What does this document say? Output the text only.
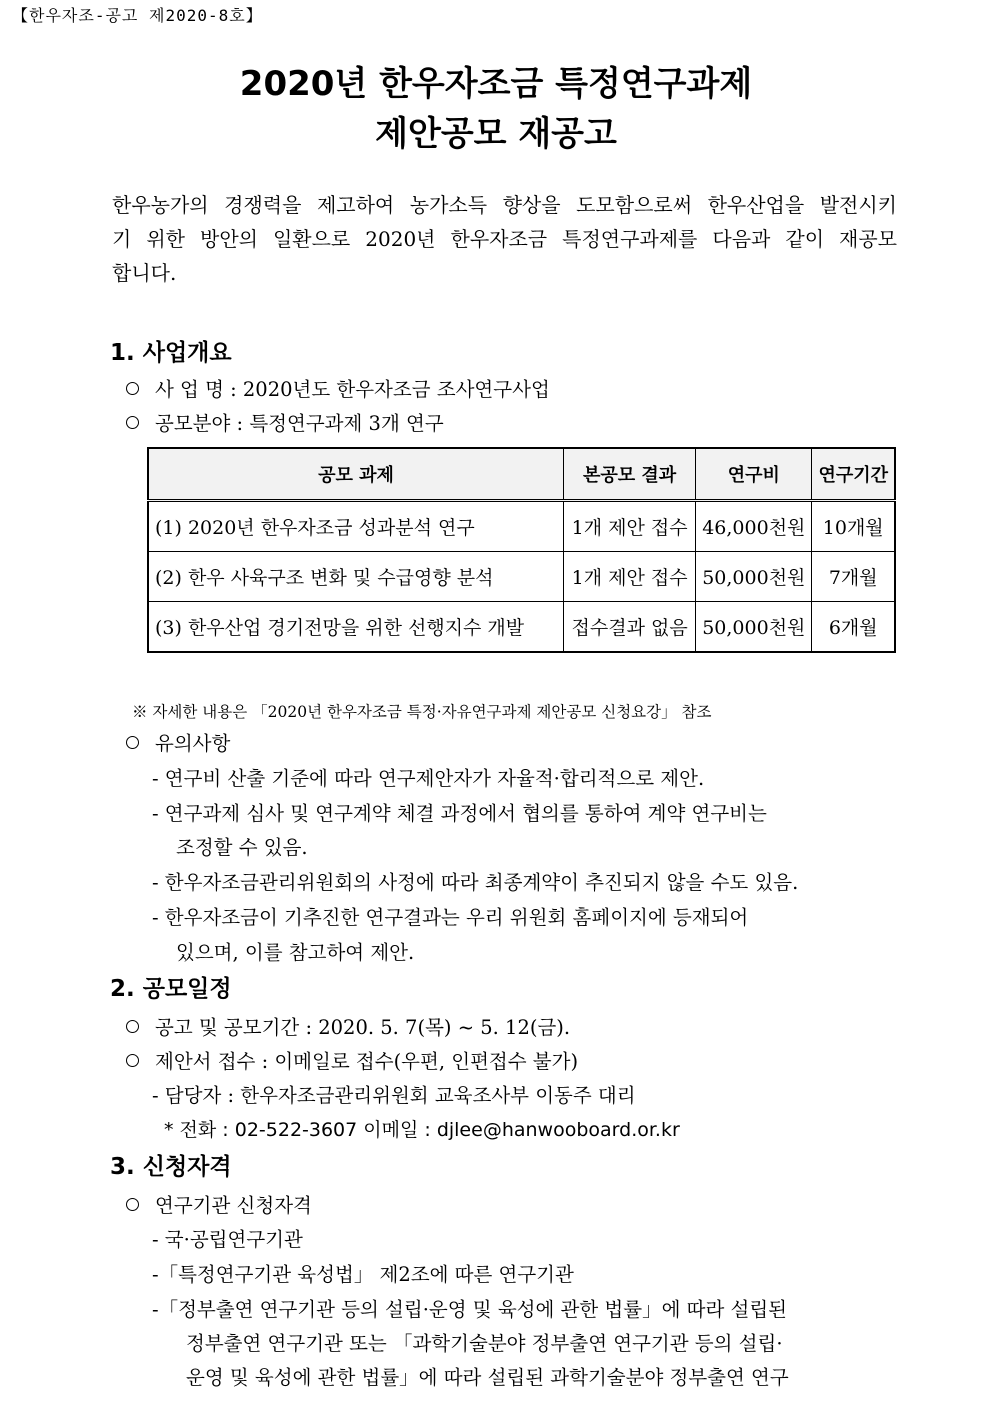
【한우자조-공고 제2020-8호】
2020년 한우자조금 특정연구과제
제안공모 재공고
한우농가의 경쟁력을 제고하여 농가소득 향상을 도모함으로써 한우산업을 발전시키기 위한 방안의 일환으로 2020년 한우자조금 특정연구과제를 다음과 같이 재공모합니다.
1. 사업개요
사 업 명 : 2020년도 한우자조금 조사연구사업
공모분야 : 특정연구과제 3개 연구
공모 과제	본공모 결과	연구비	연구기간
(1) 2020년 한우자조금 성과분석 연구	1개 제안 접수	46,000천원	10개월
(2) 한우 사육구조 변화 및 수급영향 분석	1개 제안 접수	50,000천원	7개월
(3) 한우산업 경기전망을 위한 선행지수 개발	접수결과 없음	50,000천원	6개월
※ 자세한 내용은 「2020년 한우자조금 특정·자유연구과제 제안공모 신청요강」 참조
유의사항
- 연구비 산출 기준에 따라 연구제안자가 자율적·합리적으로 제안.
- 연구과제 심사 및 연구계약 체결 과정에서 협의를 통하여 계약 연구비는
조정할 수 있음.
- 한우자조금관리위원회의 사정에 따라 최종계약이 추진되지 않을 수도 있음.
- 한우자조금이 기추진한 연구결과는 우리 위원회 홈페이지에 등재되어
있으며, 이를 참고하여 제안.
2. 공모일정
공고 및 공모기간 : 2020. 5. 7(목) ~ 5. 12(금).
제안서 접수 : 이메일로 접수(우편, 인편접수 불가)
- 담당자 : 한우자조금관리위원회 교육조사부 이동주 대리
* 전화 : 02-522-3607 이메일 : djlee@hanwooboard.or.kr
3. 신청자격
연구기관 신청자격
- 국·공립연구기관
-「특정연구기관 육성법」 제2조에 따른 연구기관
-「정부출연 연구기관 등의 설립·운영 및 육성에 관한 법률」에 따라 설립된
정부출연 연구기관 또는 「과학기술분야 정부출연 연구기관 등의 설립·
운영 및 육성에 관한 법률」에 따라 설립된 과학기술분야 정부출연 연구
